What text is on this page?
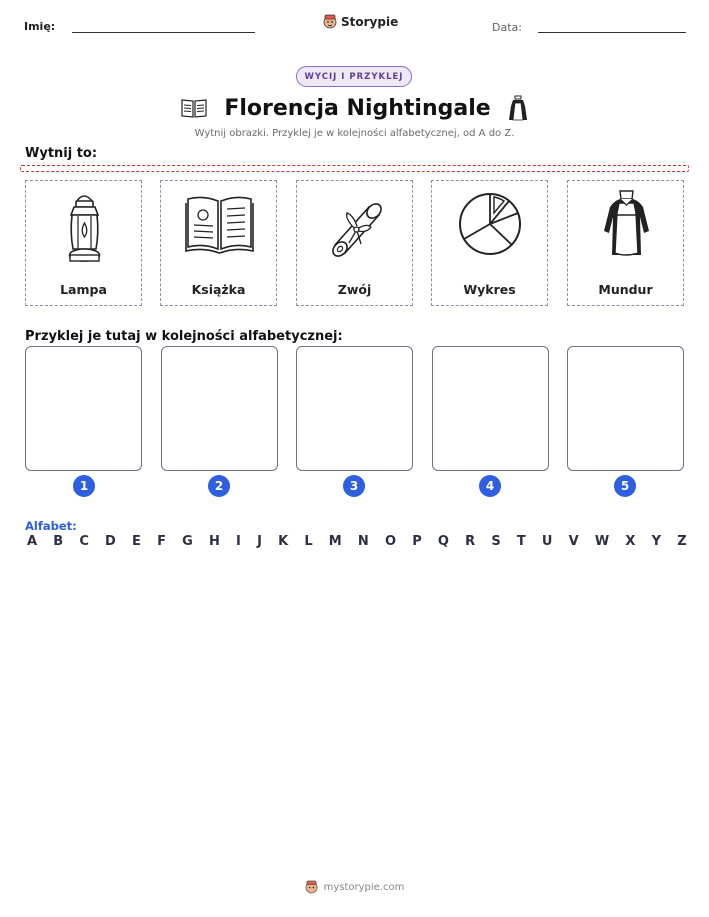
Imię:	Storypie	Data:
WYCIJ I PRZYKLEJ
Florencja Nightingale
Wytnij obrazki. Przyklej je w kolejności alfabetycznej, od A do Z.
Wytnij to:
Lampa	Książka	Zwój	Wykres	Mundur
Przyklej je tutaj w kolejności alfabetycznej:
1	2	3	4	5
Alfabet:
A B C D E F G H I J K L M N O P Q R S T U V W X Y Z
mystorypie.com
